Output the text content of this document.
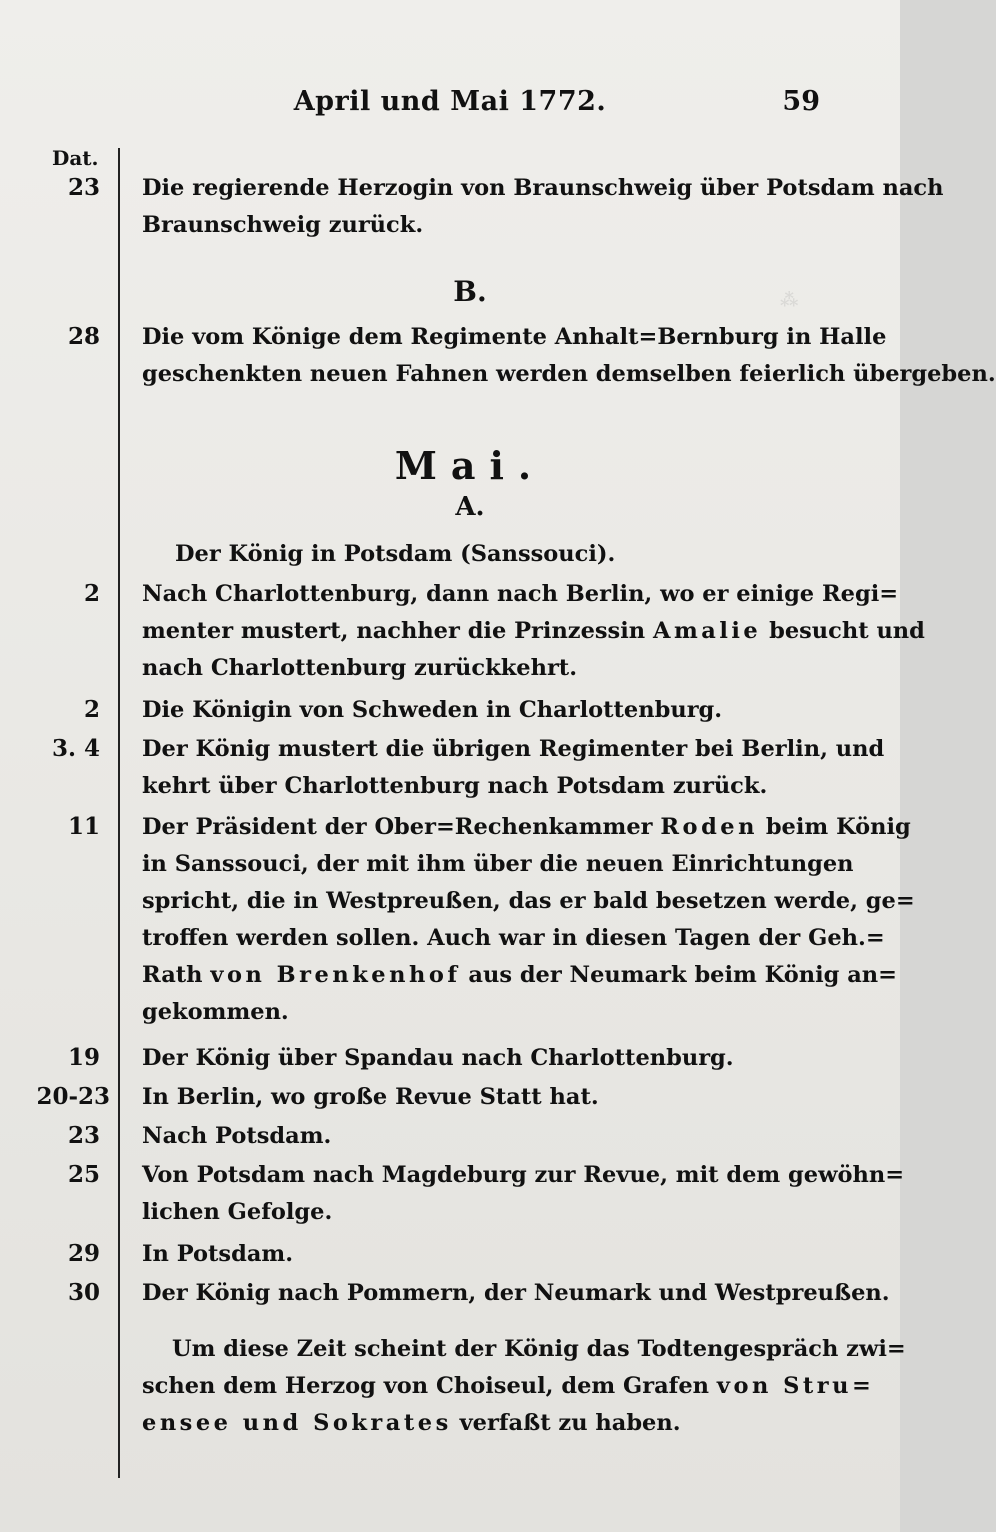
April und Mai 1772.	59
Dat.
23 Die regierende Herzogin von Braunschweig über Potsdam nach
Braunschweig zurück.
B.
28 Die vom Könige dem Regimente Anhalt=Bernburg in Halle
geschenkten neuen Fahnen werden demselben feierlich übergeben.
Mai.
A.
Der König in Potsdam (Sanssouci).
2 Nach Charlottenburg, dann nach Berlin, wo er einige Regi=
menter mustert, nachher die Prinzessin Amalie besucht und
nach Charlottenburg zurückkehrt.
2 Die Königin von Schweden in Charlottenburg.
3. 4 Der König mustert die übrigen Regimenter bei Berlin, und
kehrt über Charlottenburg nach Potsdam zurück.
11 Der Präsident der Ober=Rechenkammer Roden beim König
in Sanssouci, der mit ihm über die neuen Einrichtungen
spricht, die in Westpreußen, das er bald besetzen werde, ge=
troffen werden sollen. Auch war in diesen Tagen der Geh.=
Rath von Brenkenhof aus der Neumark beim König an=
gekommen.
19 Der König über Spandau nach Charlottenburg.
20-23 In Berlin, wo große Revue Statt hat.
23 Nach Potsdam.
25 Von Potsdam nach Magdeburg zur Revue, mit dem gewöhn=
lichen Gefolge.
29 In Potsdam.
30 Der König nach Pommern, der Neumark und Westpreußen.
Um diese Zeit scheint der König das Todtengespräch zwi=
schen dem Herzog von Choiseul, dem Grafen von Stru=
ensee und Sokrates verfaßt zu haben.
⁂
